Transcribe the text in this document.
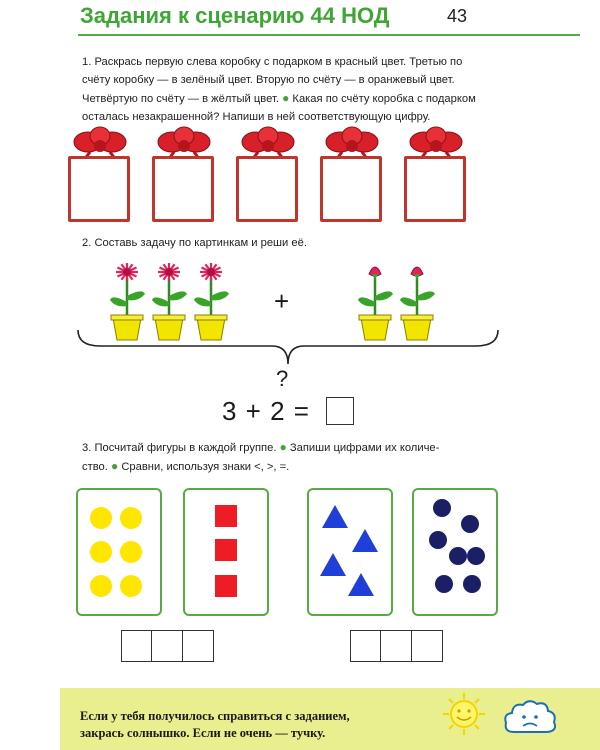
Задания к сценарию 44 НОД	43
1. Раскрась первую слева коробку с подарком в красный цвет. Третью по
счёту коробку — в зелёный цвет. Вторую по счёту — в оранжевый цвет.
Четвёртую по счёту — в жёлтый цвет. ● Какая по счёту коробка с подарком
осталась незакрашенной? Напиши в ней соответствующую цифру.
2. Составь задачу по картинкам и реши её.
+
?
3 + 2 =
3. Посчитай фигуры в каждой группе. ● Запиши цифрами их количе-
ство. ● Сравни, используя знаки <, >, =.
Если у тебя получилось справиться с заданием,
закрась солнышко. Если не очень — тучку.
